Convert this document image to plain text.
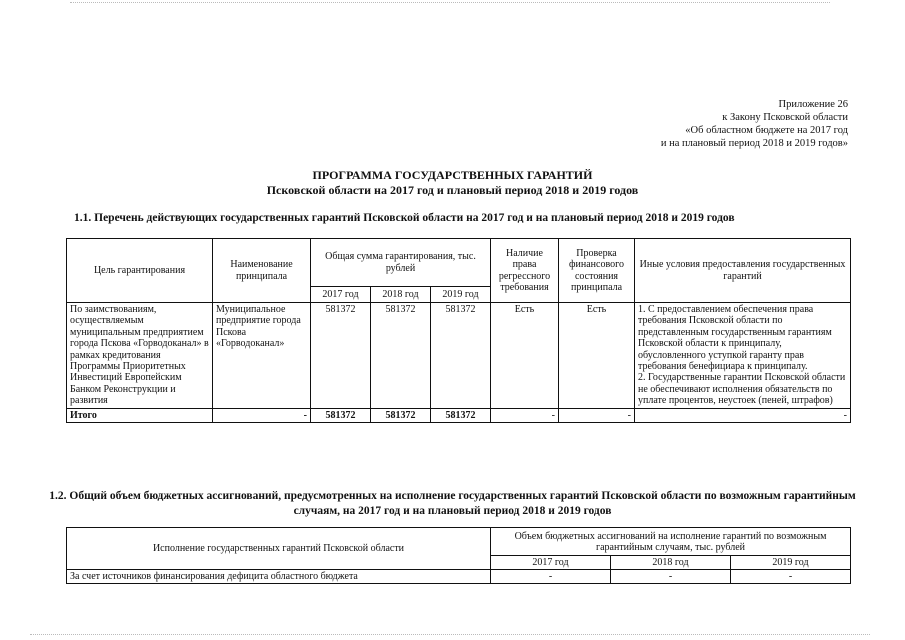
Приложение 26
к Закону Псковской области
«Об областном бюджете на 2017 год
и на плановый период 2018 и 2019 годов»
ПРОГРАММА ГОСУДАРСТВЕННЫХ ГАРАНТИЙ
Псковской области на 2017 год и плановый период 2018 и 2019 годов
1.1. Перечень действующих государственных гарантий Псковской области на 2017 год и на плановый период 2018 и 2019 годов
Цель гарантирования	Наименование принципала	Общая сумма гарантирования, тыс. рублей			Наличие права регрессного требования	Проверка финансового состояния принципала	Иные условия предоставления государственных гарантий
		2017 год	2018 год	2019 год			
По заимствованиям, осуществляемым муниципальным предприятием города Пскова «Горводоканал» в рамках кредитования Программы Приоритетных Инвестиций Европейским Банком Реконструкции и развития	Муниципальное предприятие города Пскова «Горводоканал»	581372	581372	581372	Есть	Есть	1. С предоставлением обеспечения права требования Псковской области по представленным государственным гарантиям Псковской области к принципалу, обусловленного уступкой гаранту прав требования бенефициара к принципалу.
2. Государственные гарантии Псковской области не обеспечивают исполнения обязательств по уплате процентов, неустоек (пеней, штрафов)

Итого	-	581372	581372	581372	-	-	-
1.2. Общий объем бюджетных ассигнований, предусмотренных на исполнение государственных гарантий Псковской области по возможным гарантийным случаям, на 2017 год и на плановый период 2018 и 2019 годов
Исполнение государственных гарантий Псковской области	Объем бюджетных ассигнований на исполнение гарантий по возможным гарантийным случаям, тыс. рублей		
	2017 год	2018 год	2019 год
За счет источников финансирования дефицита областного бюджета	-	-	-
